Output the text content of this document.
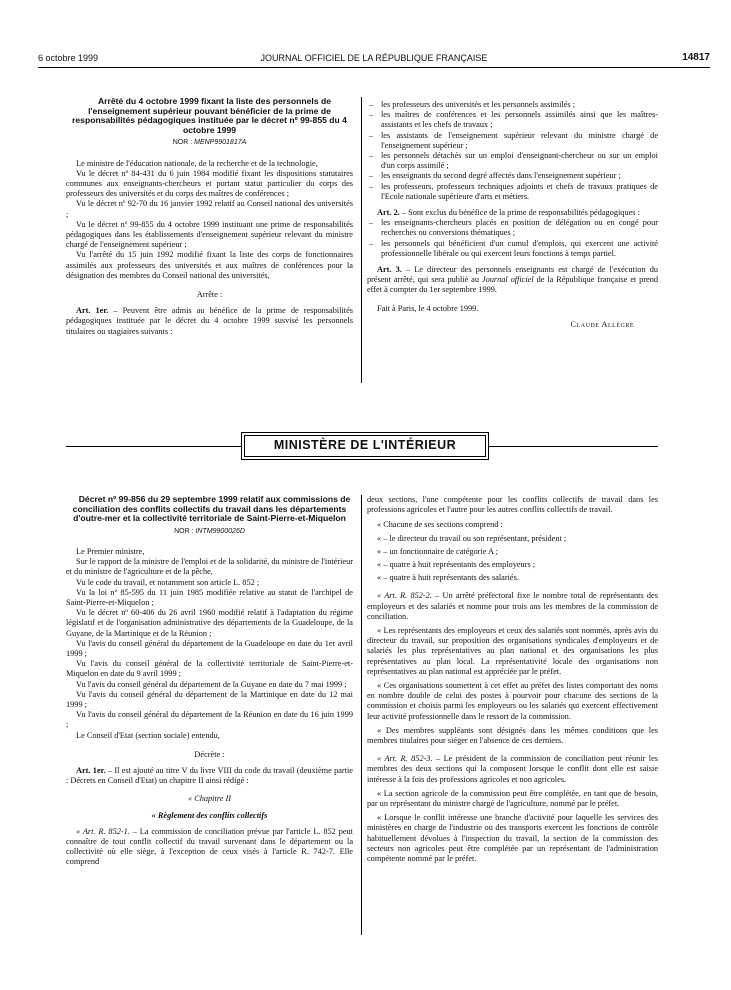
6 octobre 1999	JOURNAL OFFICIEL DE LA RÉPUBLIQUE FRANÇAISE	14817

Arrêté du 4 octobre 1999 fixant la liste des personnels de l'enseignement supérieur pouvant bénéficier de la prime de responsabilités pédagogiques instituée par le décret nº 99-855 du 4 octobre 1999

NOR : MENP9901817A

Le ministre de l'éducation nationale, de la recherche et de la technologie,

Vu le décret nº 84-431 du 6 juin 1984 modifié fixant les dispositions statutaires communes aux enseignants-chercheurs et portant statut particulier du corps des professeurs des universités et du corps des maîtres de conférences ;

Vu le décret nº 92-70 du 16 janvier 1992 relatif au Conseil national des universités ;

Vu le décret nº 99-855 du 4 octobre 1999 instituant une prime de responsabilités pédagogiques dans les établissements d'enseignement supérieur relevant du ministre chargé de l'enseignement supérieur ;

Vu l'arrêté du 15 juin 1992 modifié fixant la liste des corps de fonctionnaires assimilés aux professeurs des universités et aux maîtres de conférences pour la désignation des membres du Conseil national des universités,

Arrête :

Art. 1er. – Peuvent être admis au bénéfice de la prime de responsabilités pédagogiques instituée par le décret du 4 octobre 1999 susvisé les personnels titulaires ou stagiaires suivants :

– les professeurs des universités et les personnels assimilés ;
– les maîtres de conférences et les personnels assimilés ainsi que les maîtres-assistants et les chefs de travaux ;
– les assistants de l'enseignement supérieur relevant du ministre chargé de l'enseignement supérieur ;
– les personnels détachés sur un emploi d'enseignant-chercheur ou sur un emploi d'un corps assimilé ;
– les enseignants du second degré affectés dans l'enseignement supérieur ;
– les professeurs, professeurs techniques adjoints et chefs de travaux pratiques de l'Ecole nationale supérieure d'arts et métiers.

Art. 2. – Sont exclus du bénéfice de la prime de responsabilités pédagogiques :

– les enseignants-chercheurs placés en position de délégation ou en congé pour recherches ou conversions thématiques ;
– les personnels qui bénéficient d'un cumul d'emplois, qui exercent une activité professionnelle libérale ou qui exercent leurs fonctions à temps partiel.

Art. 3. – Le directeur des personnels enseignants est chargé de l'exécution du présent arrêté, qui sera publié au Journal officiel de la République française et prend effet à compter du 1er septembre 1999.

Fait à Paris, le 4 octobre 1999.

Claude Allègre

MINISTÈRE DE L'INTÉRIEUR

Décret nº 99-856 du 29 septembre 1999 relatif aux commissions de conciliation des conflits collectifs du travail dans les départements d'outre-mer et la collectivité territoriale de Saint-Pierre-et-Miquelon

NOR : INTM9900026D

Le Premier ministre,

Sur le rapport de la ministre de l'emploi et de la solidarité, du ministre de l'intérieur et du ministre de l'agriculture et de la pêche,

Vu le code du travail, et notamment son article L. 852 ;

Vu la loi nº 85-595 du 11 juin 1985 modifiée relative au statut de l'archipel de Saint-Pierre-et-Miquelon ;

Vu le décret nº 60-406 du 26 avril 1960 modifié relatif à l'adaptation du régime législatif et de l'organisation administrative des départements de la Guadeloupe, de la Guyane, de la Martinique et de la Réunion ;

Vu l'avis du conseil général du département de la Guadeloupe en date du 1er avril 1999 ;

Vu l'avis du conseil général de la collectivité territoriale de Saint-Pierre-et-Miquelon en date du 9 avril 1999 ;

Vu l'avis du conseil général du département de la Guyane en date du 7 mai 1999 ;

Vu l'avis du conseil général du département de la Martinique en date du 12 mai 1999 ;

Vu l'avis du conseil général du département de la Réunion en date du 16 juin 1999 ;

Le Conseil d'Etat (section sociale) entendu,

Décrète :

Art. 1er. – Il est ajouté au titre V du livre VIII du code du travail (deuxième partie : Décrets en Conseil d'Etat) un chapitre II ainsi rédigé :

« Chapitre II

« Règlement des conflits collectifs

« Art. R. 852-1. – La commission de conciliation prévue par l'article L. 852 peut connaître de tout conflit collectif du travail survenant dans le département ou la collectivité où elle siège, à l'exception de ceux visés à l'article R. 742-7. Elle comprend

deux sections, l'une compétente pour les conflits collectifs de travail dans les professions agricoles et l'autre pour les autres conflits collectifs de travail.

« Chacune de ses sections comprend :

« – le directeur du travail ou son représentant, président ;

« – un fonctionnaire de catégorie A ;

« – quatre à huit représentants des employeurs ;

« – quatre à huit représentants des salariés.

« Art. R. 852-2. – Un arrêté préfectoral fixe le nombre total de représentants des employeurs et des salariés et nomme pour trois ans les membres de la commission de conciliation.

« Les représentants des employeurs et ceux des salariés sont nommés, après avis du directeur du travail, sur proposition des organisations syndicales d'employeurs et de salariés les plus représentatives au plan national et des organisations les plus représentatives au plan local. La représentativité locale des organisations non représentatives au plan national est appréciée par le préfet.

« Ces organisations soumettent à cet effet au préfet des listes comportant des noms en nombre double de celui des postes à pourvoir pour chacune des sections de la commission et choisis parmi les employeurs ou les salariés qui exercent effectivement leur activité professionnelle dans le ressort de la commission.

« Des membres suppléants sont désignés dans les mêmes conditions que les membres titulaires pour siéger en l'absence de ces derniers.

« Art. R. 852-3. – Le président de la commission de conciliation peut réunir les membres des deux sections qui la composent lorsque le conflit dont elle est saisie intéresse à la fois des professions agricoles et non agricoles.

« La section agricole de la commission peut être complétée, en tant que de besoin, par un représentant du ministre chargé de l'agriculture, nommé par le préfet.

« Lorsque le conflit intéresse une branche d'activité pour laquelle les services des ministères en charge de l'industrie ou des transports exercent les fonctions de contrôle habituellement dévolues à l'inspection du travail, la section de la commission des secteurs non agricoles peut être complétée par un représentant de l'administration compétente nommé par le préfet.
